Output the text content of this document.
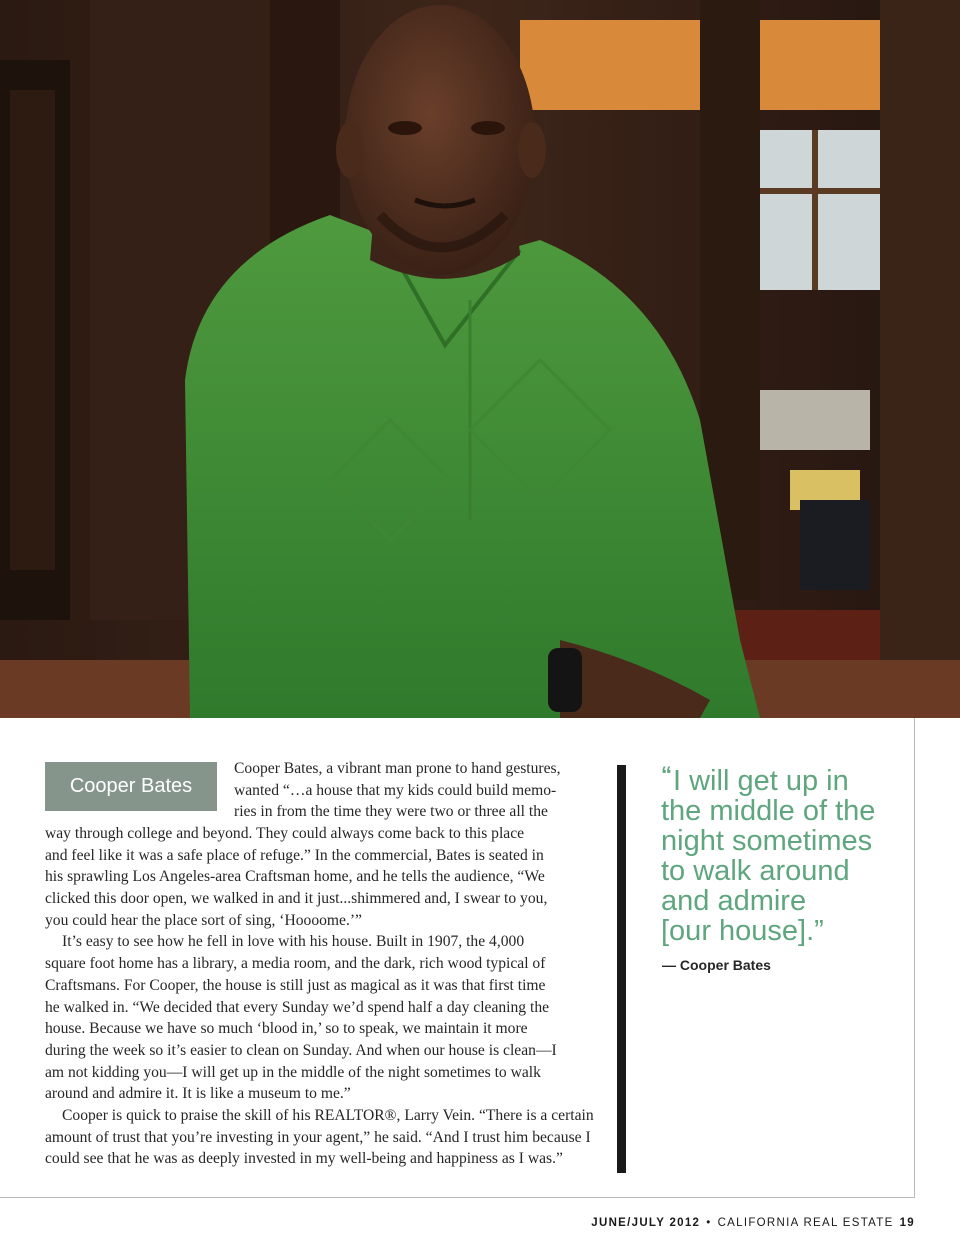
Cooper Bates
Cooper Bates, a vibrant man prone to hand gestures,
wanted “…a house that my kids could build memo-
ries in from the time they were two or three all the
way through college and beyond. They could always come back to this place
and feel like it was a safe place of refuge.” In the commercial, Bates is seated in
his sprawling Los Angeles-area Craftsman home, and he tells the audience, “We
clicked this door open, we walked in and it just...shimmered and, I swear to you,
you could hear the place sort of sing, ‘Hoooome.’”
It’s easy to see how he fell in love with his house. Built in 1907, the 4,000
square foot home has a library, a media room, and the dark, rich wood typical of
Craftsmans. For Cooper, the house is still just as magical as it was that first time
he walked in. “We decided that every Sunday we’d spend half a day cleaning the
house. Because we have so much ‘blood in,’ so to speak, we maintain it more
during the week so it’s easier to clean on Sunday. And when our house is clean—I
am not kidding you—I will get up in the middle of the night sometimes to walk
around and admire it. It is like a museum to me.”
Cooper is quick to praise the skill of his REALTOR®, Larry Vein. “There is a certain
amount of trust that you’re investing in your agent,” he said. “And I trust him because I
could see that he was as deeply invested in my well-being and happiness as I was.”
“I will get up in
the middle of the
night sometimes
to walk around
and admire
[our house].”
— Cooper Bates
JUNE/JULY 2012 • CALIFORNIA REAL ESTATE 19
